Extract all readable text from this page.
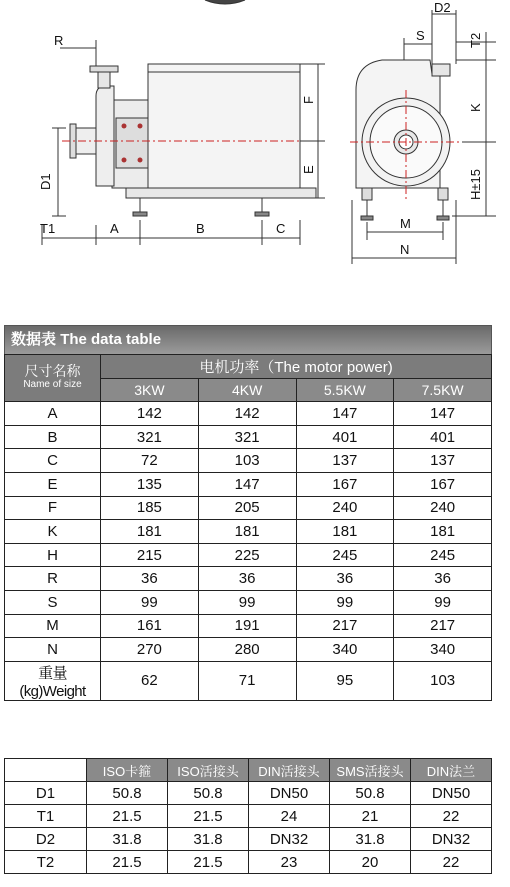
R
D1
T1	A	B	C
F
E
D2
S	T2
K
H±15
M
N
数据表 The data table
尺寸名称
Name of size	电机功率（The motor power)			
	3KW	4KW	5.5KW	7.5KW
A	142	142	147	147
B	321	321	401	401
C	72	103	137	137
E	135	147	167	167
F	185	205	240	240
K	181	181	181	181
H	215	225	245	245
R	36	36	36	36
S	99	99	99	99
M	161	191	217	217
N	270	280	340	340
重量(kg)Weight	62	71	95	103
	ISO卡箍	ISO活接头	DIN活接头	SMS活接头	DIN法兰
D1	50.8	50.8	DN50	50.8	DN50
T1	21.5	21.5	24	21	22
D2	31.8	31.8	DN32	31.8	DN32
T2	21.5	21.5	23	20	22
